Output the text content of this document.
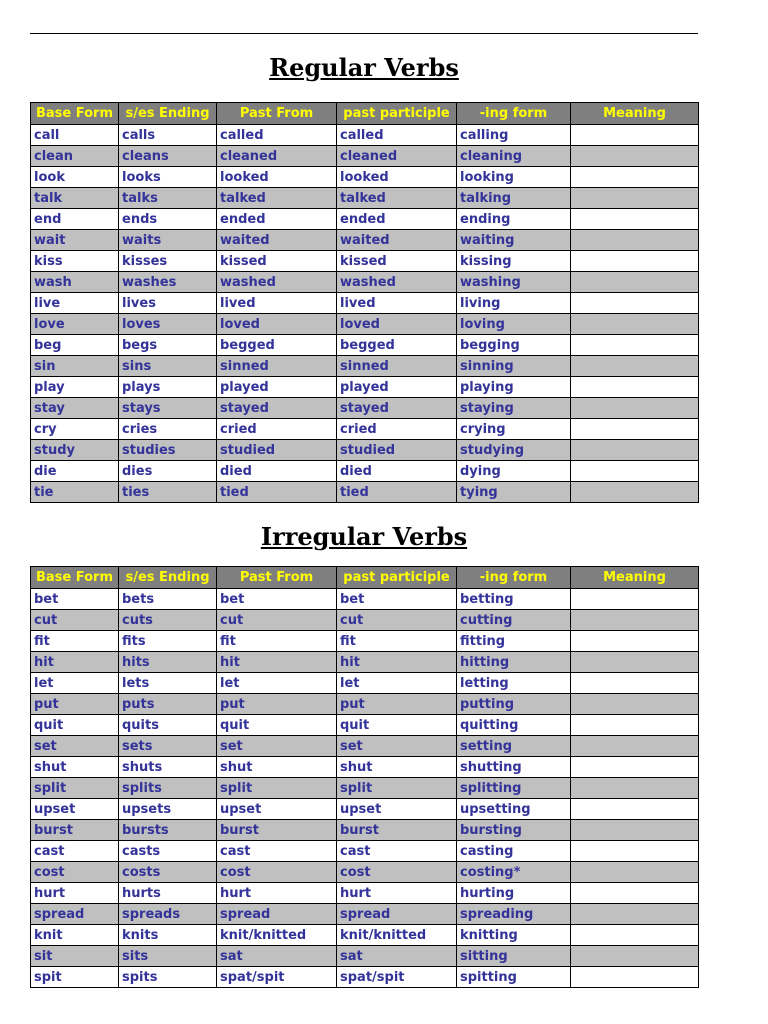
Regular Verbs
Base Form	s/es Ending	Past From	past participle	-ing form	Meaning
call	calls	called	called	calling	
clean	cleans	cleaned	cleaned	cleaning	
look	looks	looked	looked	looking	
talk	talks	talked	talked	talking	
end	ends	ended	ended	ending	
wait	waits	waited	waited	waiting	
kiss	kisses	kissed	kissed	kissing	
wash	washes	washed	washed	washing	
live	lives	lived	lived	living	
love	loves	loved	loved	loving	
beg	begs	begged	begged	begging	
sin	sins	sinned	sinned	sinning	
play	plays	played	played	playing	
stay	stays	stayed	stayed	staying	
cry	cries	cried	cried	crying	
study	studies	studied	studied	studying	
die	dies	died	died	dying	
tie	ties	tied	tied	tying	
Irregular Verbs
Base Form	s/es Ending	Past From	past participle	-ing form	Meaning
bet	bets	bet	bet	betting	
cut	cuts	cut	cut	cutting	
fit	fits	fit	fit	fitting	
hit	hits	hit	hit	hitting	
let	lets	let	let	letting	
put	puts	put	put	putting	
quit	quits	quit	quit	quitting	
set	sets	set	set	setting	
shut	shuts	shut	shut	shutting	
split	splits	split	split	splitting	
upset	upsets	upset	upset	upsetting	
burst	bursts	burst	burst	bursting	
cast	casts	cast	cast	casting	
cost	costs	cost	cost	costing*	
hurt	hurts	hurt	hurt	hurting	
spread	spreads	spread	spread	spreading	
knit	knits	knit/knitted	knit/knitted	knitting	
sit	sits	sat	sat	sitting	
spit	spits	spat/spit	spat/spit	spitting	
